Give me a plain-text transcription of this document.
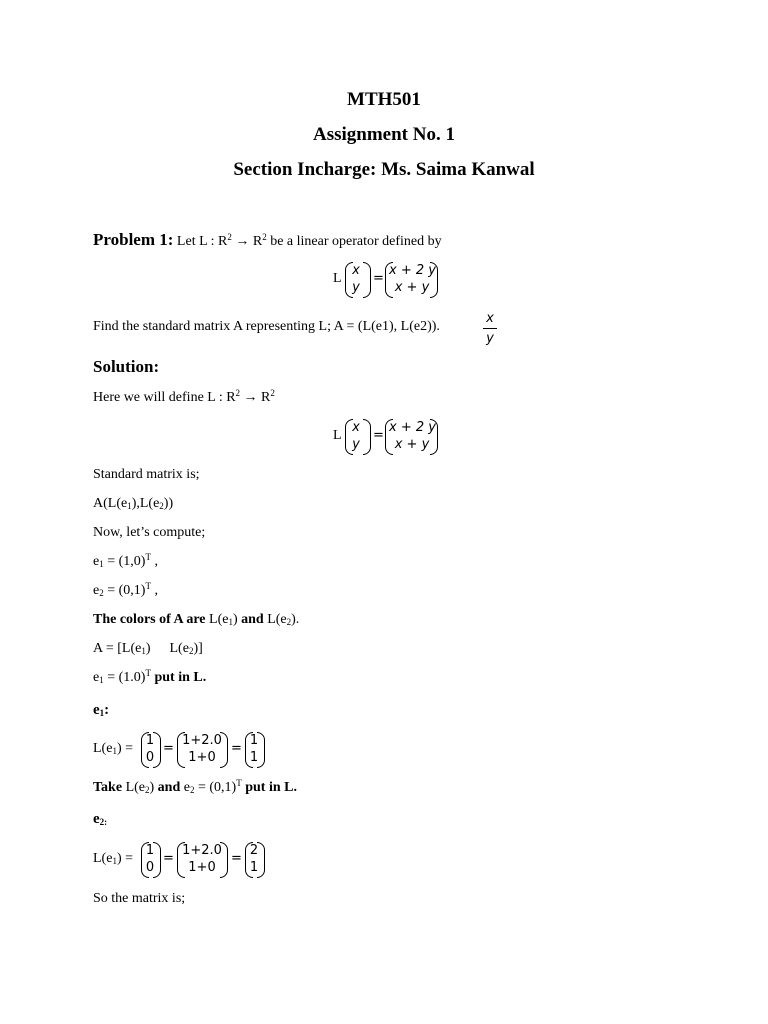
MTH501
Assignment No. 1
Section Incharge: Ms. Saima Kanwal
Problem 1: Let L : $R^2 \to R^2$ be a linear operator defined by
L
x
y
=
x + 2 y
x + y
Find the standard matrix A representing L; A = (L(e1), L(e2)).
x
y
Solution:
Here we will define L : $R^2 \to R^2$
L
x
y
=
x + 2 y
x + y
Standard matrix is;
$A(L(e_1),L(e_2))$
Now, let’s compute;
$e_1 = (1,0)^T$ ,
$e_2 = (0,1)^T$ ,
The colors of A are $L(e_1)$ and $L(e_2)$.
$A = [L(e_1)$ $L(e_2)$]
$e_1 = (1.0)^T$ put in L.
$e_1$:
$L(e_1)$ =
1
0
=
1+2.0
1+0
=
1
1
Take $L(e_2)$ and $e_2 = (0,1)^T$ put in L.
$e_{2:}$
$L(e_1)$ =
1
0
=
1+2.0
1+0
=
2
1
So the matrix is;
